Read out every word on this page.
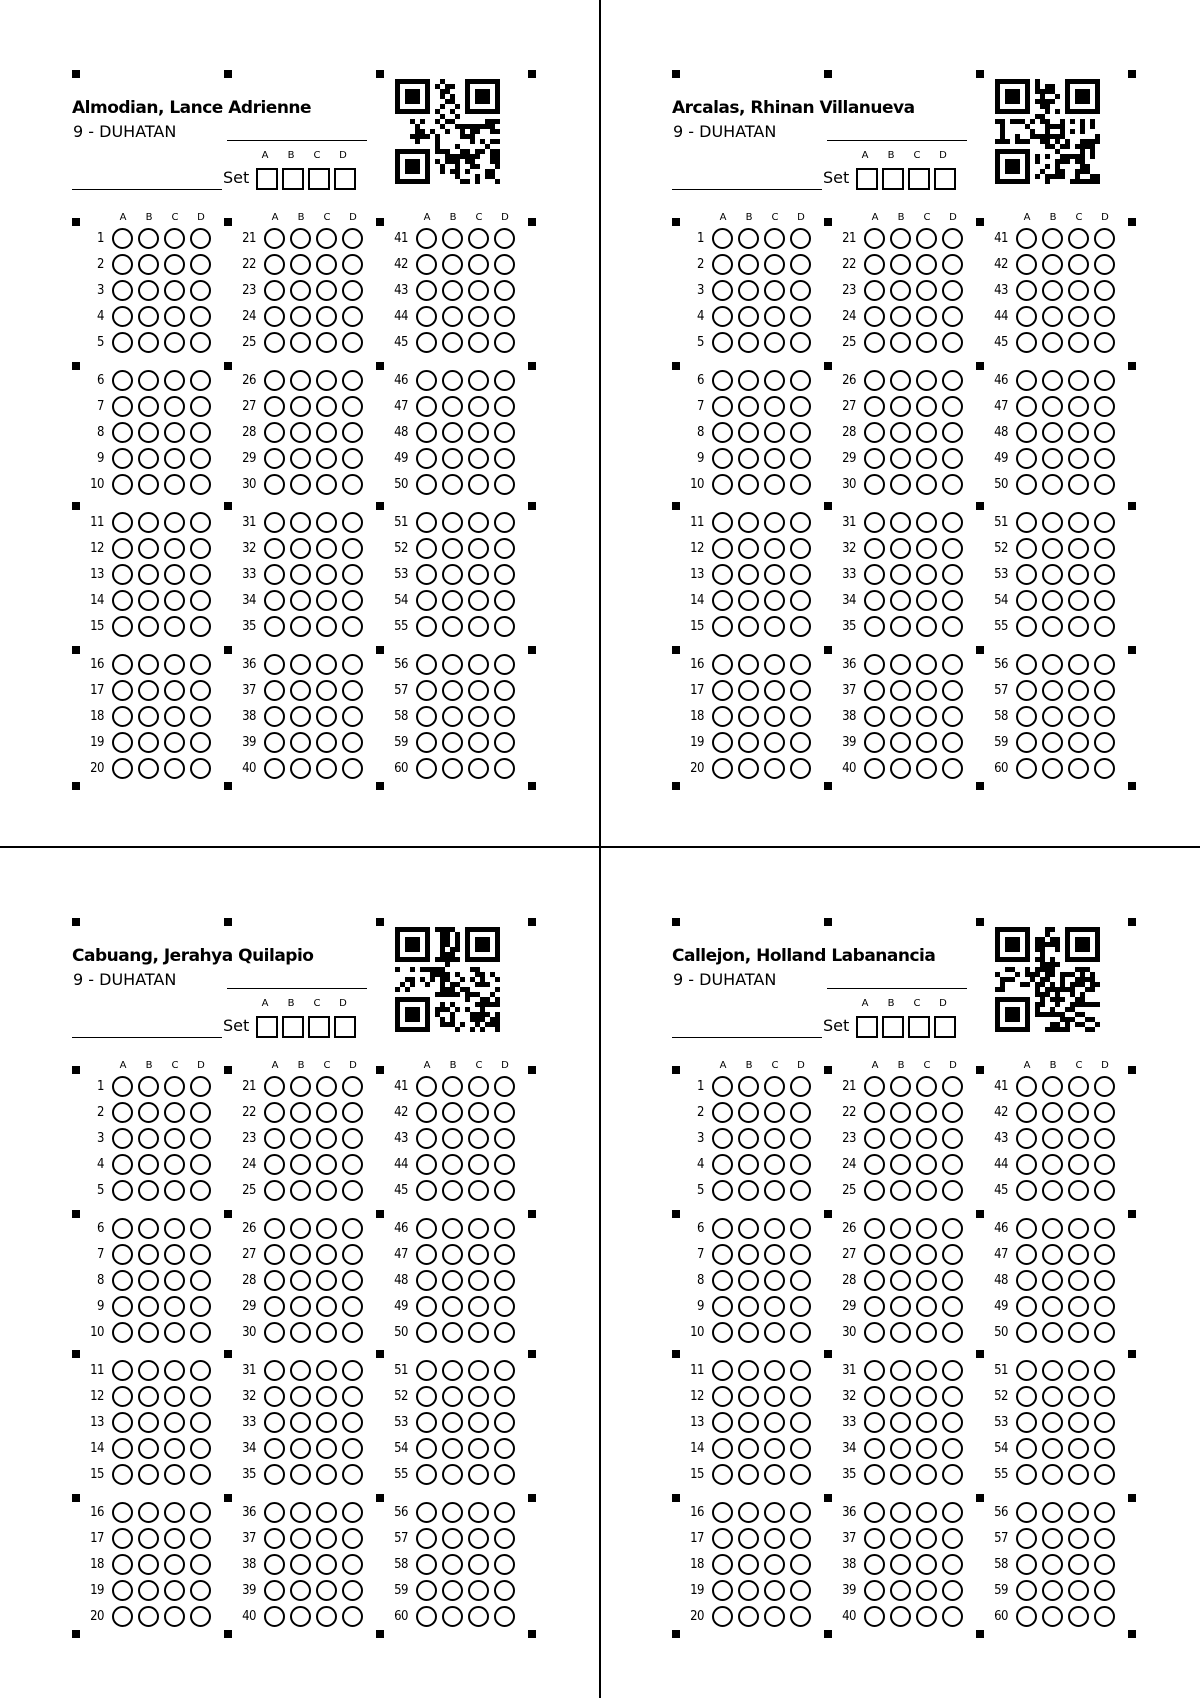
Almodian, Lance Adrienne
9 - DUHATAN
Set
A	B	C	D
A	B	C	D	A	B	C	D	A	B	C	D
1
2
3
4
5
6
7
8
9
10
11
12
13
14
15
16
17
18
19
20
21
22
23
24
25
26
27
28
29
30
31
32
33
34
35
36
37
38
39
40
41
42
43
44
45
46
47
48
49
50
51
52
53
54
55
56
57
58
59
60
Arcalas, Rhinan Villanueva
9 - DUHATAN
Set
A	B	C	D
A	B	C	D	A	B	C	D	A	B	C	D
1
2
3
4
5
6
7
8
9
10
11
12
13
14
15
16
17
18
19
20
21
22
23
24
25
26
27
28
29
30
31
32
33
34
35
36
37
38
39
40
41
42
43
44
45
46
47
48
49
50
51
52
53
54
55
56
57
58
59
60
Cabuang, Jerahya Quilapio
9 - DUHATAN
Set
A	B	C	D
A	B	C	D	A	B	C	D	A	B	C	D
1
2
3
4
5
6
7
8
9
10
11
12
13
14
15
16
17
18
19
20
21
22
23
24
25
26
27
28
29
30
31
32
33
34
35
36
37
38
39
40
41
42
43
44
45
46
47
48
49
50
51
52
53
54
55
56
57
58
59
60
Callejon, Holland Labanancia
9 - DUHATAN
Set
A	B	C	D
A	B	C	D	A	B	C	D	A	B	C	D
1
2
3
4
5
6
7
8
9
10
11
12
13
14
15
16
17
18
19
20
21
22
23
24
25
26
27
28
29
30
31
32
33
34
35
36
37
38
39
40
41
42
43
44
45
46
47
48
49
50
51
52
53
54
55
56
57
58
59
60
